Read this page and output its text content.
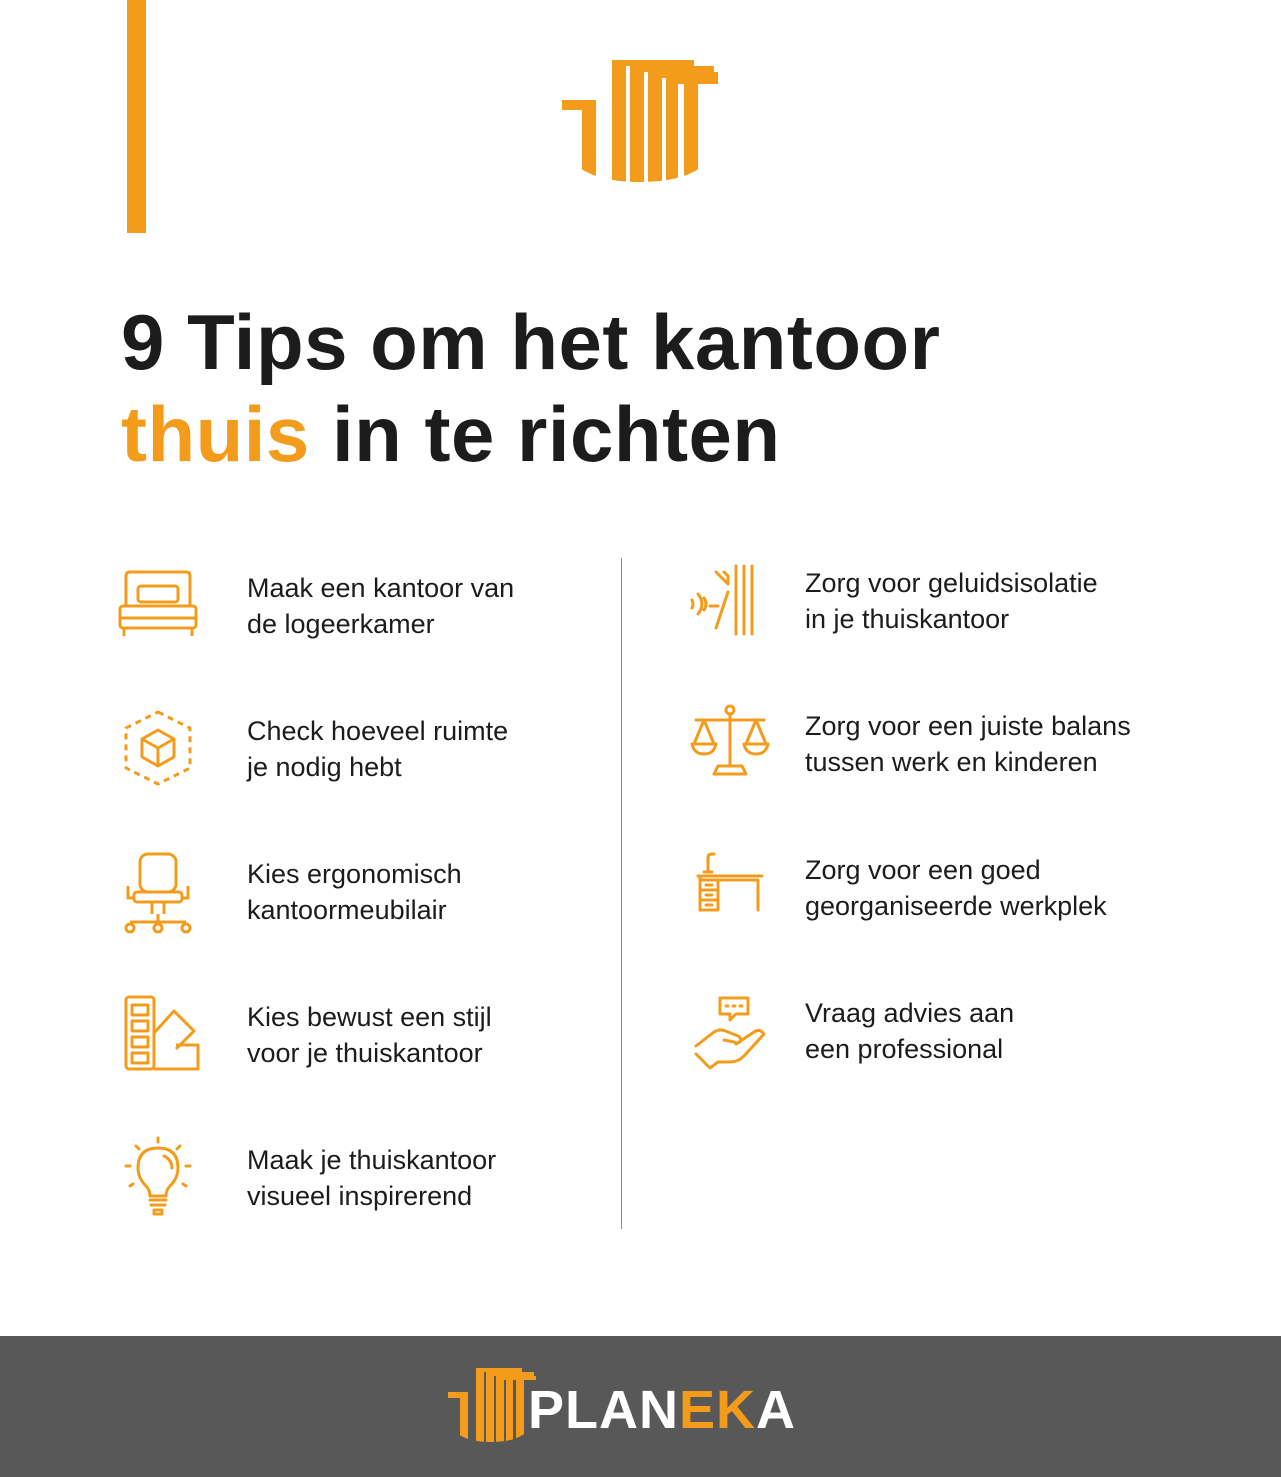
9 Tips om het kantoor
thuis in te richten
Maak een kantoor van
de logeerkamer
Check hoeveel ruimte
je nodig hebt
Kies ergonomisch
kantoormeubilair
Kies bewust een stijl
voor je thuiskantoor
Maak je thuiskantoor
visueel inspirerend
Zorg voor geluidsisolatie
in je thuiskantoor
Zorg voor een juiste balans
tussen werk en kinderen
Zorg voor een goed
georganiseerde werkplek
Vraag advies aan
een professional
PLANEKA
